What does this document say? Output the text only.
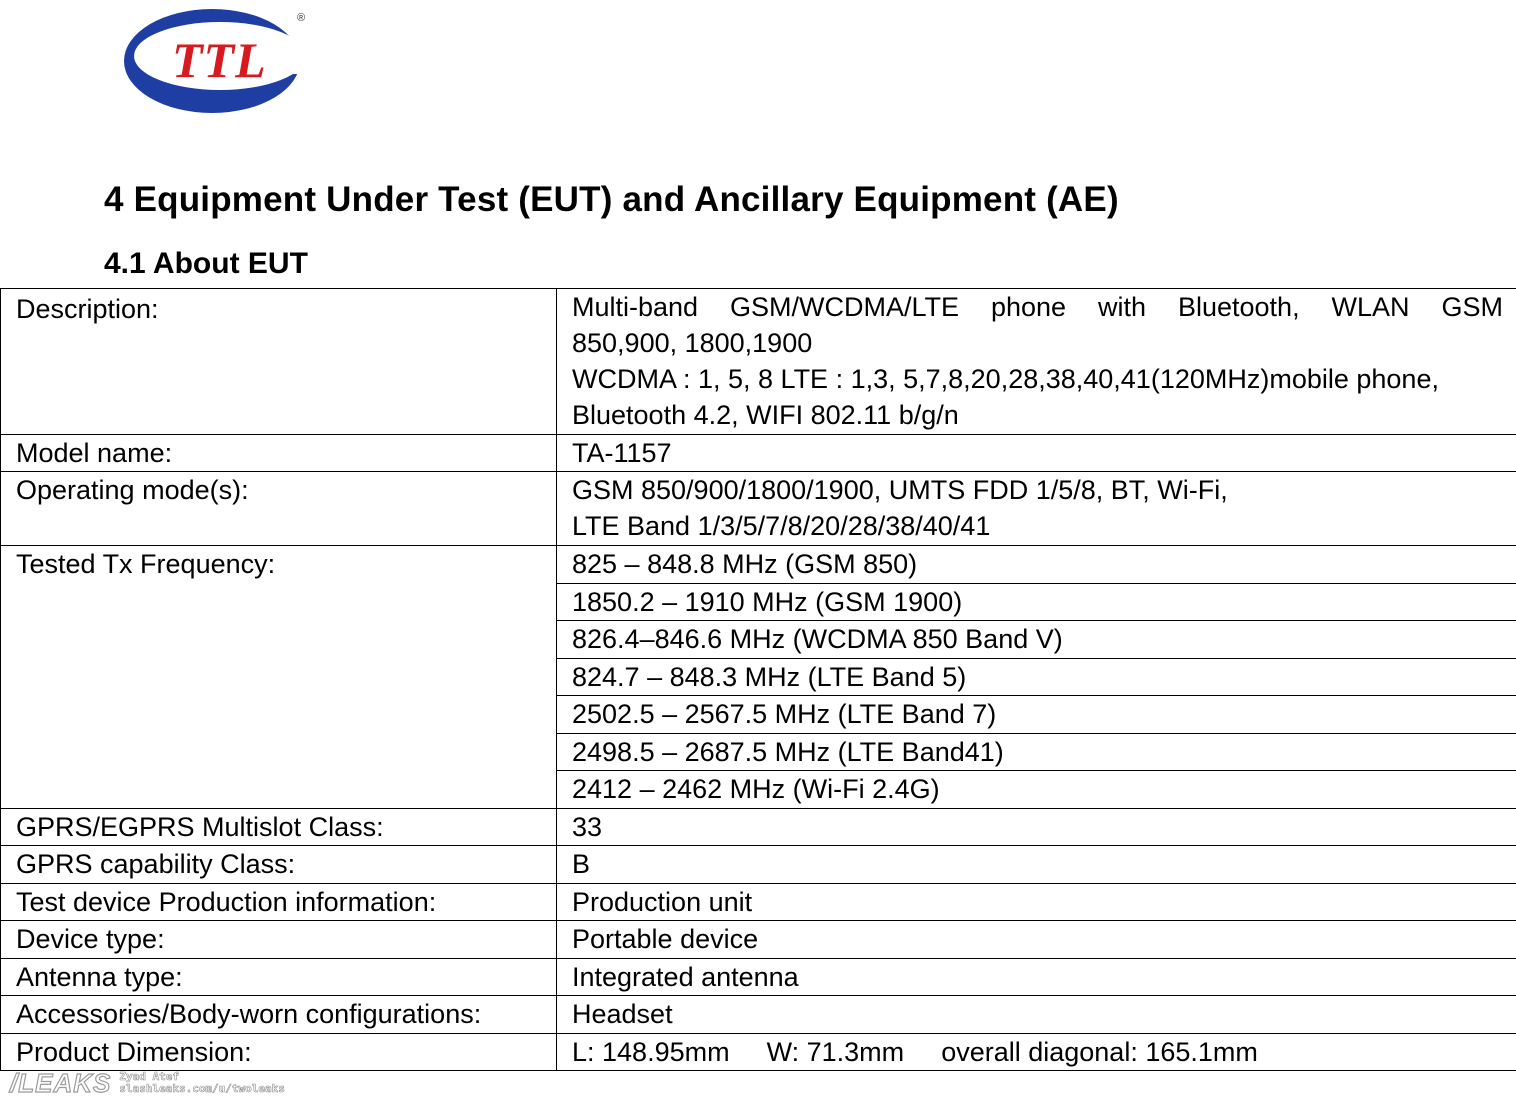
TTL
®
4 Equipment Under Test (EUT) and Ancillary Equipment (AE)
4.1 About EUT
Description:	Multi-band GSM/WCDMA/LTE phone with Bluetooth, WLAN GSM
850,900, 1800,1900
WCDMA : 1, 5, 8 LTE : 1,3, 5,7,8,20,28,38,40,41(120MHz)mobile phone,
Bluetooth 4.2, WIFI 802.11 b/g/n

Model name:	TA-1157
Operating mode(s):	GSM 850/900/1800/1900, UMTS FDD 1/5/8, BT, Wi-Fi,
LTE Band 1/3/5/7/8/20/28/38/40/41

Tested Tx Frequency:	825 – 848.8 MHz (GSM 850)
	1850.2 – 1910 MHz (GSM 1900)
	826.4–846.6 MHz (WCDMA 850 Band V)
	824.7 – 848.3 MHz (LTE Band 5)
	2502.5 – 2567.5 MHz (LTE Band 7)
	2498.5 – 2687.5 MHz (LTE Band41)
	2412 – 2462 MHz (Wi-Fi 2.4G)
GPRS/EGPRS Multislot Class:	33
GPRS capability Class:	B
Test device Production information:	Production unit
Device type:	Portable device
Antenna type:	Integrated antenna
Accessories/Body-worn configurations:	Headset
Product Dimension:	L: 148.95mm W: 71.3mm overall diagonal: 165.1mm
/LEAKS Zyad Atef
slashleaks.com/u/twoleaks
